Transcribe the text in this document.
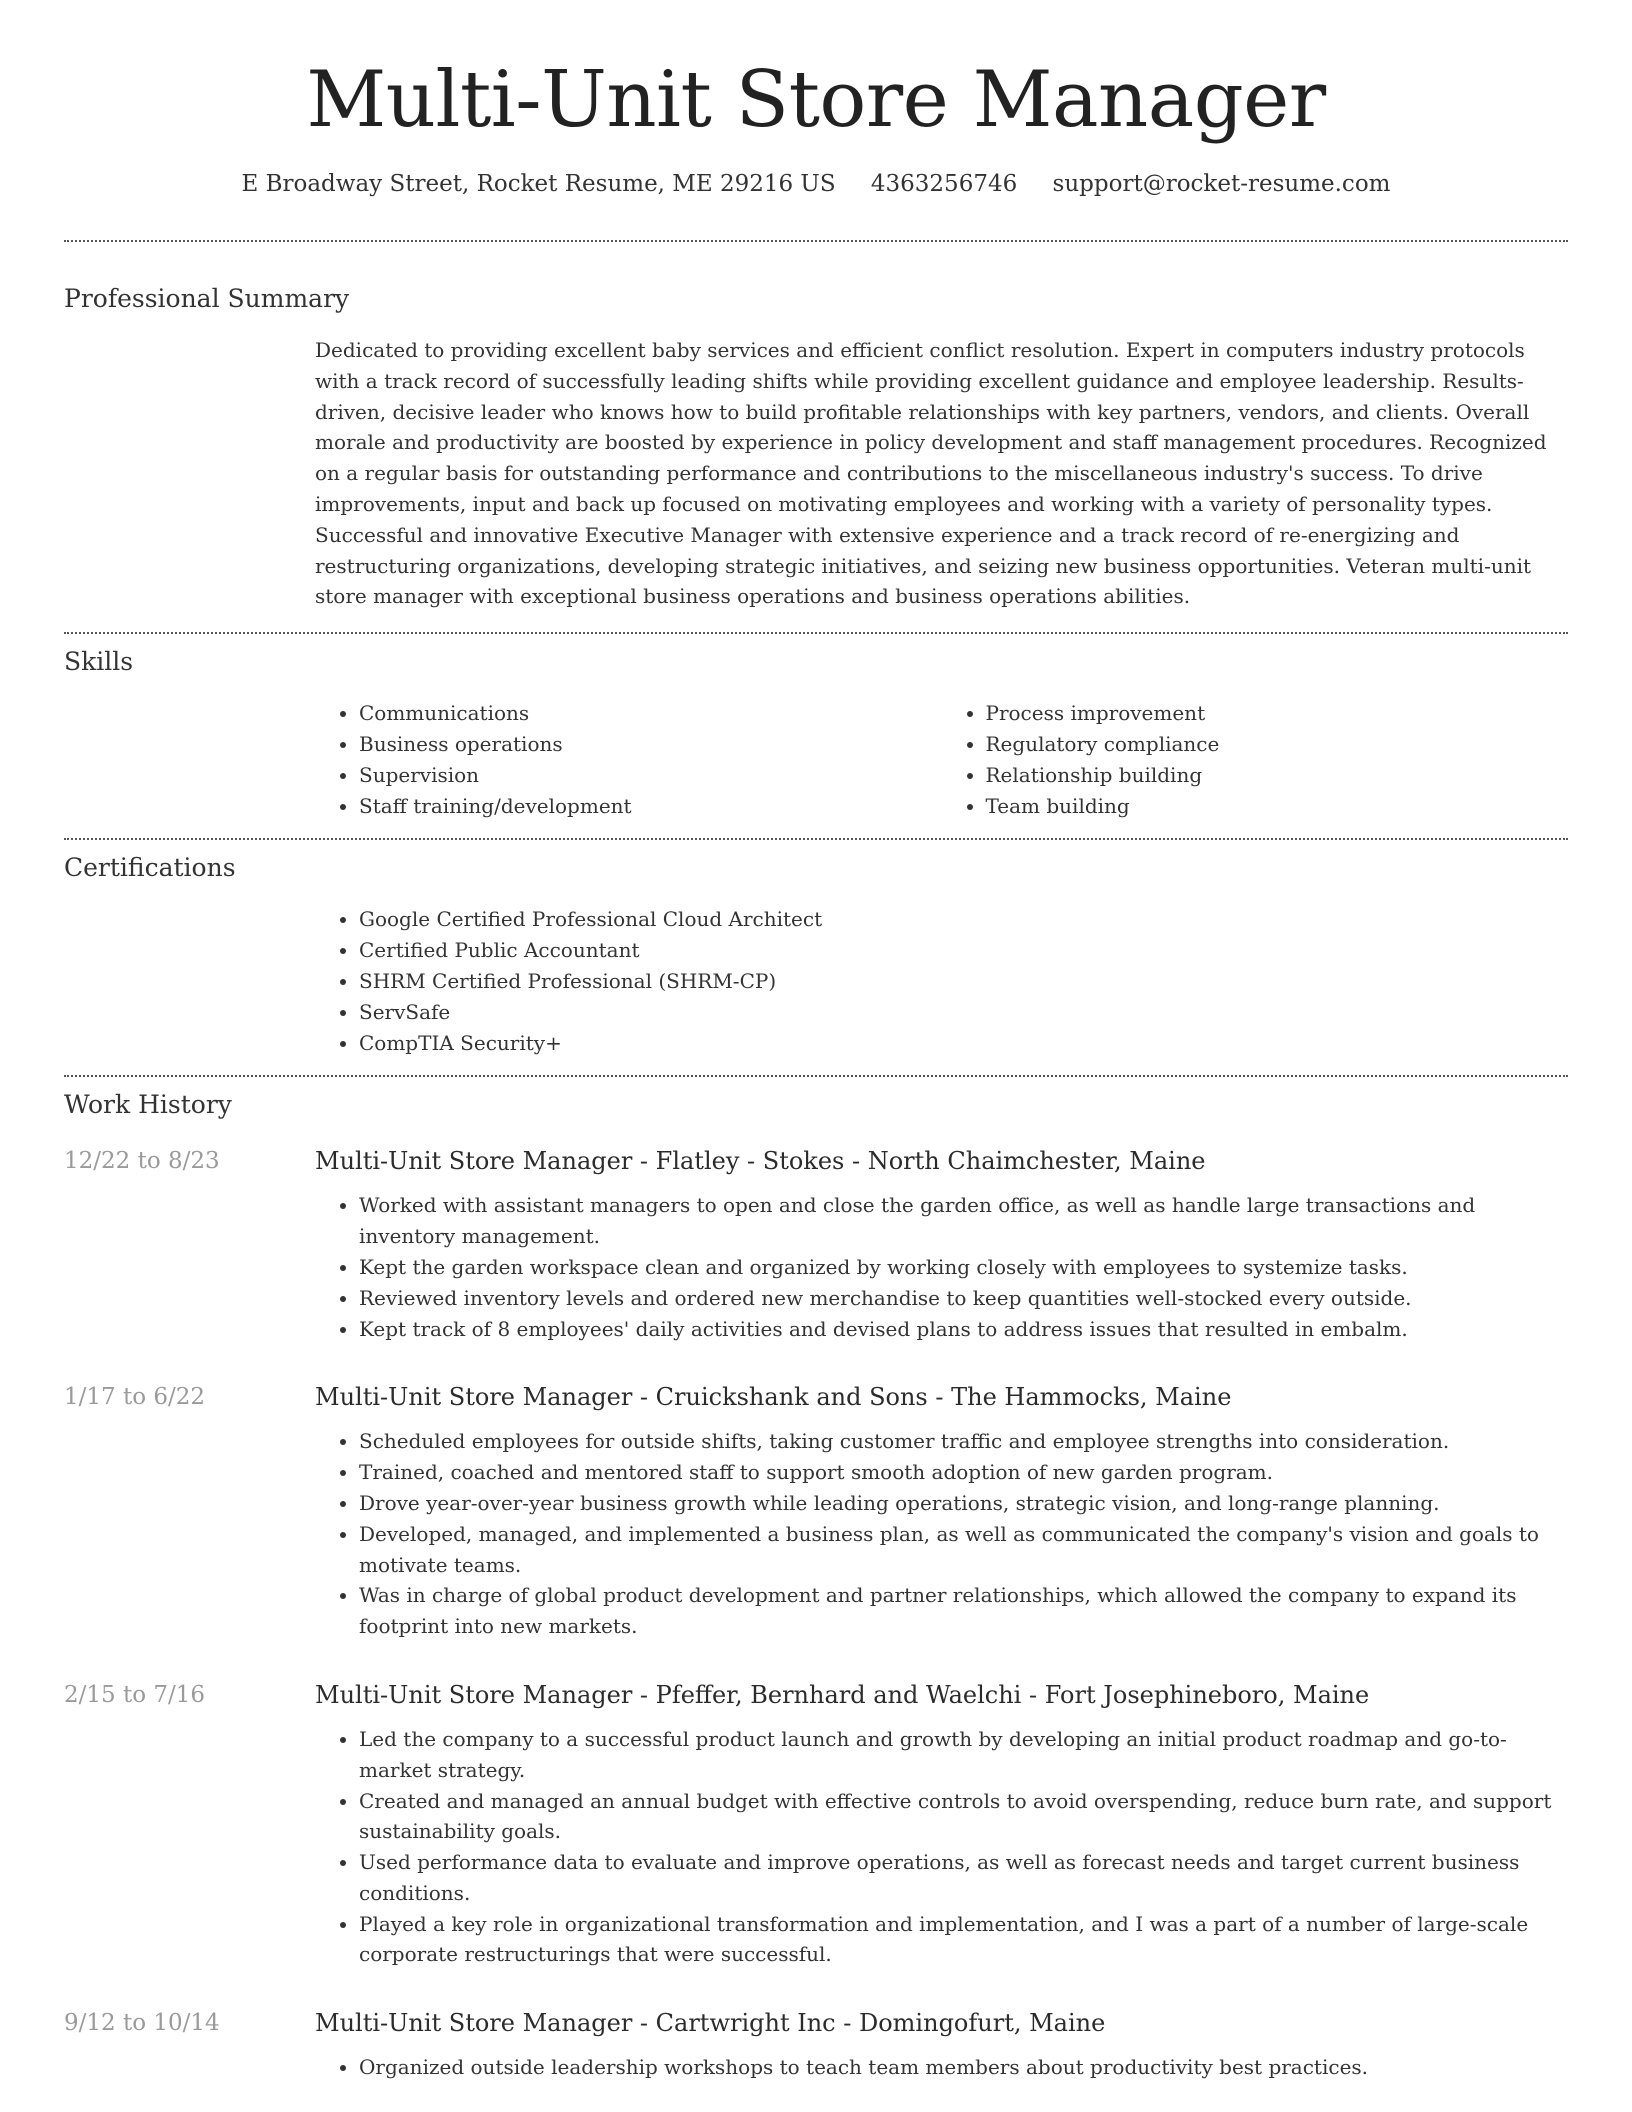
Multi-Unit Store Manager
E Broadway Street, Rocket Resume, ME 29216 US 4363256746 support@rocket-resume.com
Professional Summary

Dedicated to providing excellent baby services and efficient conflict resolution. Expert in computers industry protocols with a track record of successfully leading shifts while providing excellent guidance and employee leadership. Results-driven, decisive leader who knows how to build profitable relationships with key partners, vendors, and clients. Overall morale and productivity are boosted by experience in policy development and staff management procedures. Recognized on a regular basis for outstanding performance and contributions to the miscellaneous industry's success. To drive improvements, input and back up focused on motivating employees and working with a variety of personality types. Successful and innovative Executive Manager with extensive experience and a track record of re-energizing and restructuring organizations, developing strategic initiatives, and seizing new business opportunities. Veteran multi-unit store manager with exceptional business operations and business operations abilities.

Skills
• Communications
• Business operations
• Supervision
• Staff training/development
• Process improvement
• Regulatory compliance
• Relationship building
• Team building
Certifications
• Google Certified Professional Cloud Architect
• Certified Public Accountant
• SHRM Certified Professional (SHRM-CP)
• ServSafe
• CompTIA Security+
Work History
12/22 to 8/23	Multi-Unit Store Manager - Flatley - Stokes - North Chaimchester, Maine
• Worked with assistant managers to open and close the garden office, as well as handle large transactions and inventory management.
• Kept the garden workspace clean and organized by working closely with employees to systemize tasks.
• Reviewed inventory levels and ordered new merchandise to keep quantities well-stocked every outside.
• Kept track of 8 employees' daily activities and devised plans to address issues that resulted in embalm.
1/17 to 6/22	Multi-Unit Store Manager - Cruickshank and Sons - The Hammocks, Maine
• Scheduled employees for outside shifts, taking customer traffic and employee strengths into consideration.
• Trained, coached and mentored staff to support smooth adoption of new garden program.
• Drove year-over-year business growth while leading operations, strategic vision, and long-range planning.
• Developed, managed, and implemented a business plan, as well as communicated the company's vision and goals to motivate teams.
• Was in charge of global product development and partner relationships, which allowed the company to expand its footprint into new markets.
2/15 to 7/16	Multi-Unit Store Manager - Pfeffer, Bernhard and Waelchi - Fort Josephineboro, Maine
• Led the company to a successful product launch and growth by developing an initial product roadmap and go-to-market strategy.
• Created and managed an annual budget with effective controls to avoid overspending, reduce burn rate, and support sustainability goals.
• Used performance data to evaluate and improve operations, as well as forecast needs and target current business conditions.
• Played a key role in organizational transformation and implementation, and I was a part of a number of large-scale corporate restructurings that were successful.
9/12 to 10/14	Multi-Unit Store Manager - Cartwright Inc - Domingofurt, Maine
• Organized outside leadership workshops to teach team members about productivity best practices.
